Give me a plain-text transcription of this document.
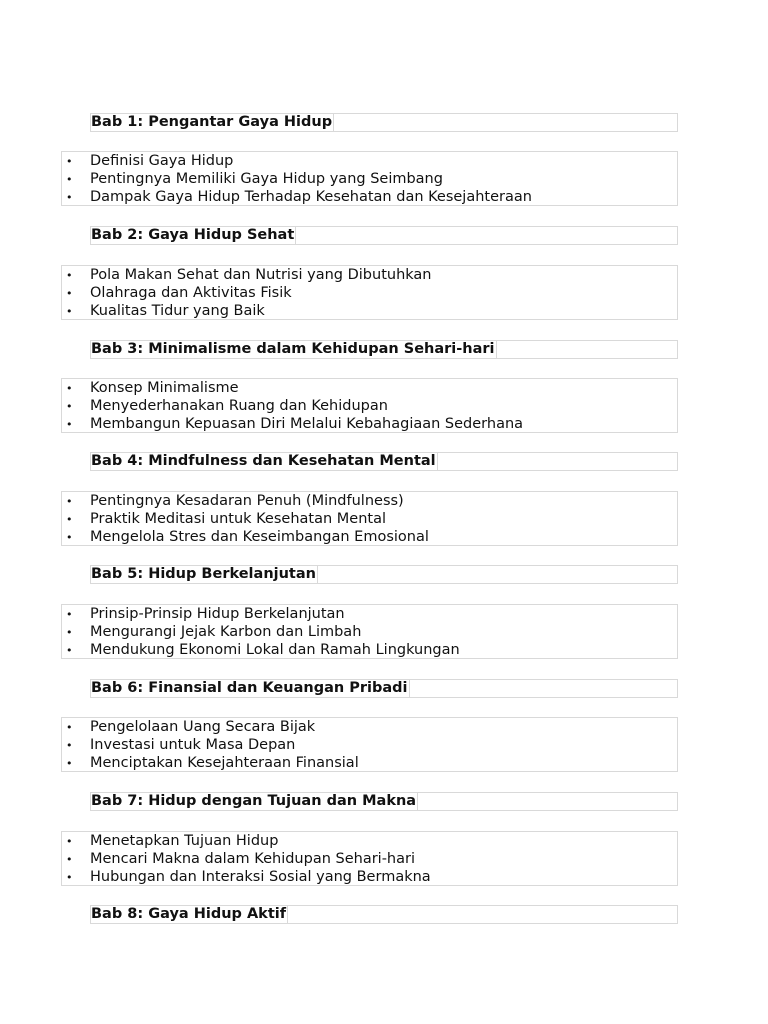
Bab 1: Pengantar Gaya Hidup
• Definisi Gaya Hidup
• Pentingnya Memiliki Gaya Hidup yang Seimbang
• Dampak Gaya Hidup Terhadap Kesehatan dan Kesejahteraan
Bab 2: Gaya Hidup Sehat
• Pola Makan Sehat dan Nutrisi yang Dibutuhkan
• Olahraga dan Aktivitas Fisik
• Kualitas Tidur yang Baik
Bab 3: Minimalisme dalam Kehidupan Sehari-hari
• Konsep Minimalisme
• Menyederhanakan Ruang dan Kehidupan
• Membangun Kepuasan Diri Melalui Kebahagiaan Sederhana
Bab 4: Mindfulness dan Kesehatan Mental
• Pentingnya Kesadaran Penuh (Mindfulness)
• Praktik Meditasi untuk Kesehatan Mental
• Mengelola Stres dan Keseimbangan Emosional
Bab 5: Hidup Berkelanjutan
• Prinsip-Prinsip Hidup Berkelanjutan
• Mengurangi Jejak Karbon dan Limbah
• Mendukung Ekonomi Lokal dan Ramah Lingkungan
Bab 6: Finansial dan Keuangan Pribadi
• Pengelolaan Uang Secara Bijak
• Investasi untuk Masa Depan
• Menciptakan Kesejahteraan Finansial
Bab 7: Hidup dengan Tujuan dan Makna
• Menetapkan Tujuan Hidup
• Mencari Makna dalam Kehidupan Sehari-hari
• Hubungan dan Interaksi Sosial yang Bermakna
Bab 8: Gaya Hidup Aktif
